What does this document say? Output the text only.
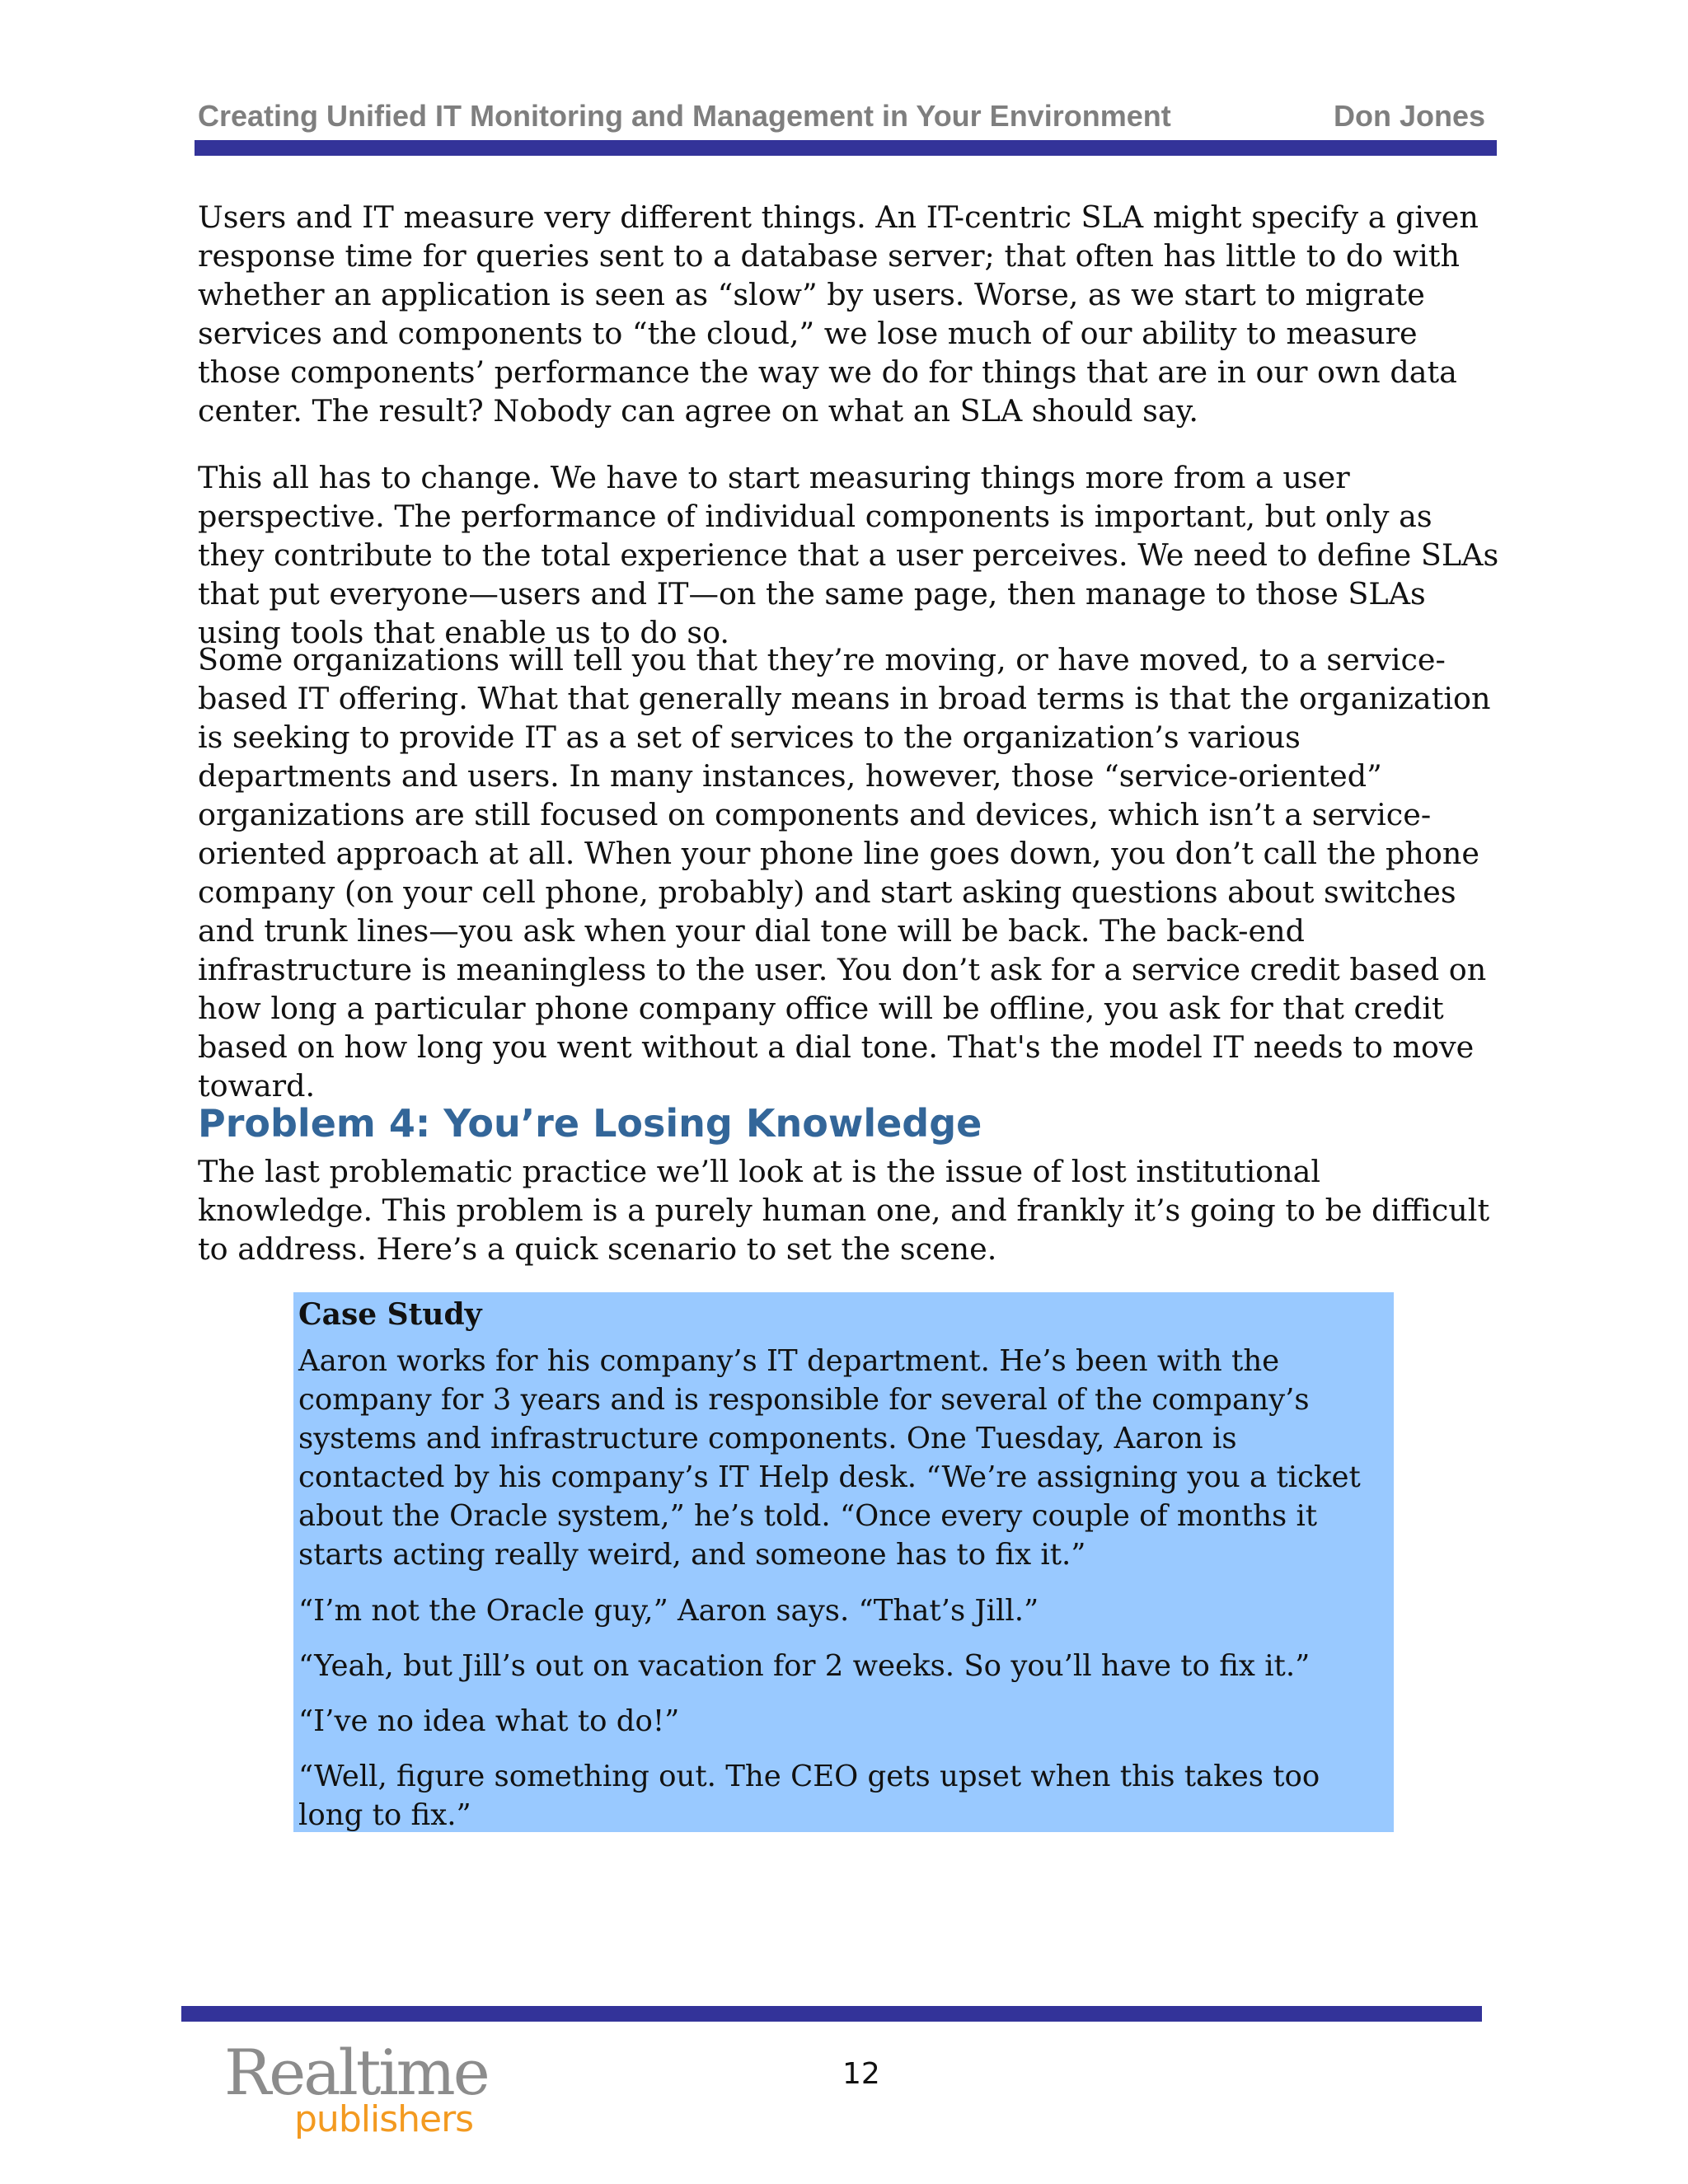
Creating Unified IT Monitoring and Management in Your Environment	Don Jones

Users and IT measure very different things. An IT-centric SLA might specify a given response time for queries sent to a database server; that often has little to do with whether an application is seen as “slow” by users. Worse, as we start to migrate services and components to “the cloud,” we lose much of our ability to measure those components’ performance the way we do for things that are in our own data center. The result? Nobody can agree on what an SLA should say.

This all has to change. We have to start measuring things more from a user perspective. The performance of individual components is important, but only as they contribute to the total experience that a user perceives. We need to define SLAs that put everyone—users and IT—on the same page, then manage to those SLAs using tools that enable us to do so.

Some organizations will tell you that they’re moving, or have moved, to a service-based IT offering. What that generally means in broad terms is that the organization is seeking to provide IT as a set of services to the organization’s various departments and users. In many instances, however, those “service-oriented” organizations are still focused on components and devices, which isn’t a service-oriented approach at all. When your phone line goes down, you don’t call the phone company (on your cell phone, probably) and start asking questions about switches and trunk lines—you ask when your dial tone will be back. The back-end infrastructure is meaningless to the user. You don’t ask for a service credit based on how long a particular phone company office will be offline, you ask for that credit based on how long you went without a dial tone. That's the model IT needs to move toward.

Problem 4: You’re Losing Knowledge

The last problematic practice we’ll look at is the issue of lost institutional knowledge. This problem is a purely human one, and frankly it’s going to be difficult to address. Here’s a quick scenario to set the scene.

Case Study

Aaron works for his company’s IT department. He’s been with the company for 3 years and is responsible for several of the company’s systems and infrastructure components. One Tuesday, Aaron is contacted by his company’s IT Help desk. “We’re assigning you a ticket about the Oracle system,” he’s told. “Once every couple of months it starts acting really weird, and someone has to fix it.”

“I’m not the Oracle guy,” Aaron says. “That’s Jill.”

“Yeah, but Jill’s out on vacation for 2 weeks. So you’ll have to fix it.”

“I’ve no idea what to do!”

“Well, figure something out. The CEO gets upset when this takes too long to fix.”

Realtime
publishers
12
